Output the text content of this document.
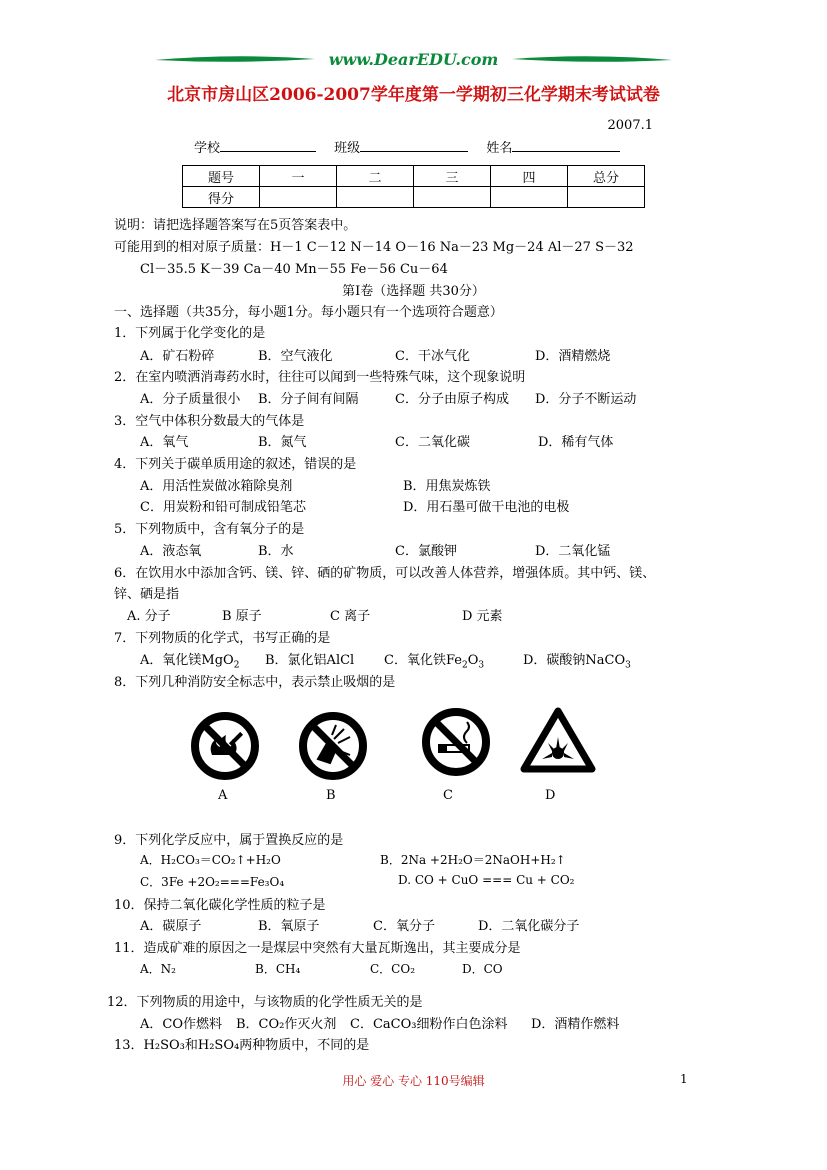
www.DearEDU.com
北京市房山区2006-2007学年度第一学期初三化学期末考试试卷
2007.1
学校	班级	姓名
题号	一	二	三	四	总分
得分					
说明：请把选择题答案写在5页答案表中。
可能用到的相对原子质量：H－1 C－12 N－14 O－16 Na－23 Mg－24 Al－27 S－32
Cl－35.5 K－39 Ca－40 Mn－55 Fe－56 Cu－64
第Ⅰ卷（选择题 共30分）
一、选择题（共35分，每小题1分。每小题只有一个选项符合题意）
1．下列属于化学变化的是
A．矿石粉碎	B．空气液化	C．干冰气化	D．酒精燃烧
2．在室内喷洒消毒药水时，往往可以闻到一些特殊气味，这个现象说明
A．分子质量很小 B．分子间有间隔	C．分子由原子构成 D．分子不断运动
3．空气中体积分数最大的气体是
A．氧气	B．氮气	C．二氧化碳	D．稀有气体
4．下列关于碳单质用途的叙述，错误的是
A．用活性炭做冰箱除臭剂	B．用焦炭炼铁
C．用炭粉和铅可制成铅笔芯	D．用石墨可做干电池的电极
5．下列物质中，含有氧分子的是
A．液态氧	B．水	C．氯酸钾	D．二氧化锰
6．在饮用水中添加含钙、镁、锌、硒的矿物质，可以改善人体营养，增强体质。其中钙、镁、
锌、硒是指
A. 分子	B 原子	C 离子	D 元素
7．下列物质的化学式，书写正确的是
A．氧化镁MgO$_2$ B．氯化铝AlCl C．氧化铁$Fe_2O_3$	D．碳酸钠NaCO$_3$
8．下列几种消防安全标志中，表示禁止吸烟的是
A	B	C	D
9．下列化学反应中，属于置换反应的是
A．H₂CO₃＝CO₂↑+H₂O	B．2Na +2H₂O＝2NaOH+H₂↑
C．3Fe +2O₂===Fe₃O₄	D. CO + CuO === Cu + CO₂
10．保持二氧化碳化学性质的粒子是
A．碳原子	B．氧原子	C．氧分子	D．二氧化碳分子
11．造成矿难的原因之一是煤层中突然有大量瓦斯逸出，其主要成分是
A．N₂	B．CH₄	C．CO₂	D．CO
12．下列物质的用途中，与该物质的化学性质无关的是
A．CO作燃料 B．CO₂作灭火剂 C．CaCO₃细粉作白色涂料 D．酒精作燃料
13．H₂SO₃和H₂SO₄两种物质中，不同的是
用心 爱心 专心 110号编辑	1
